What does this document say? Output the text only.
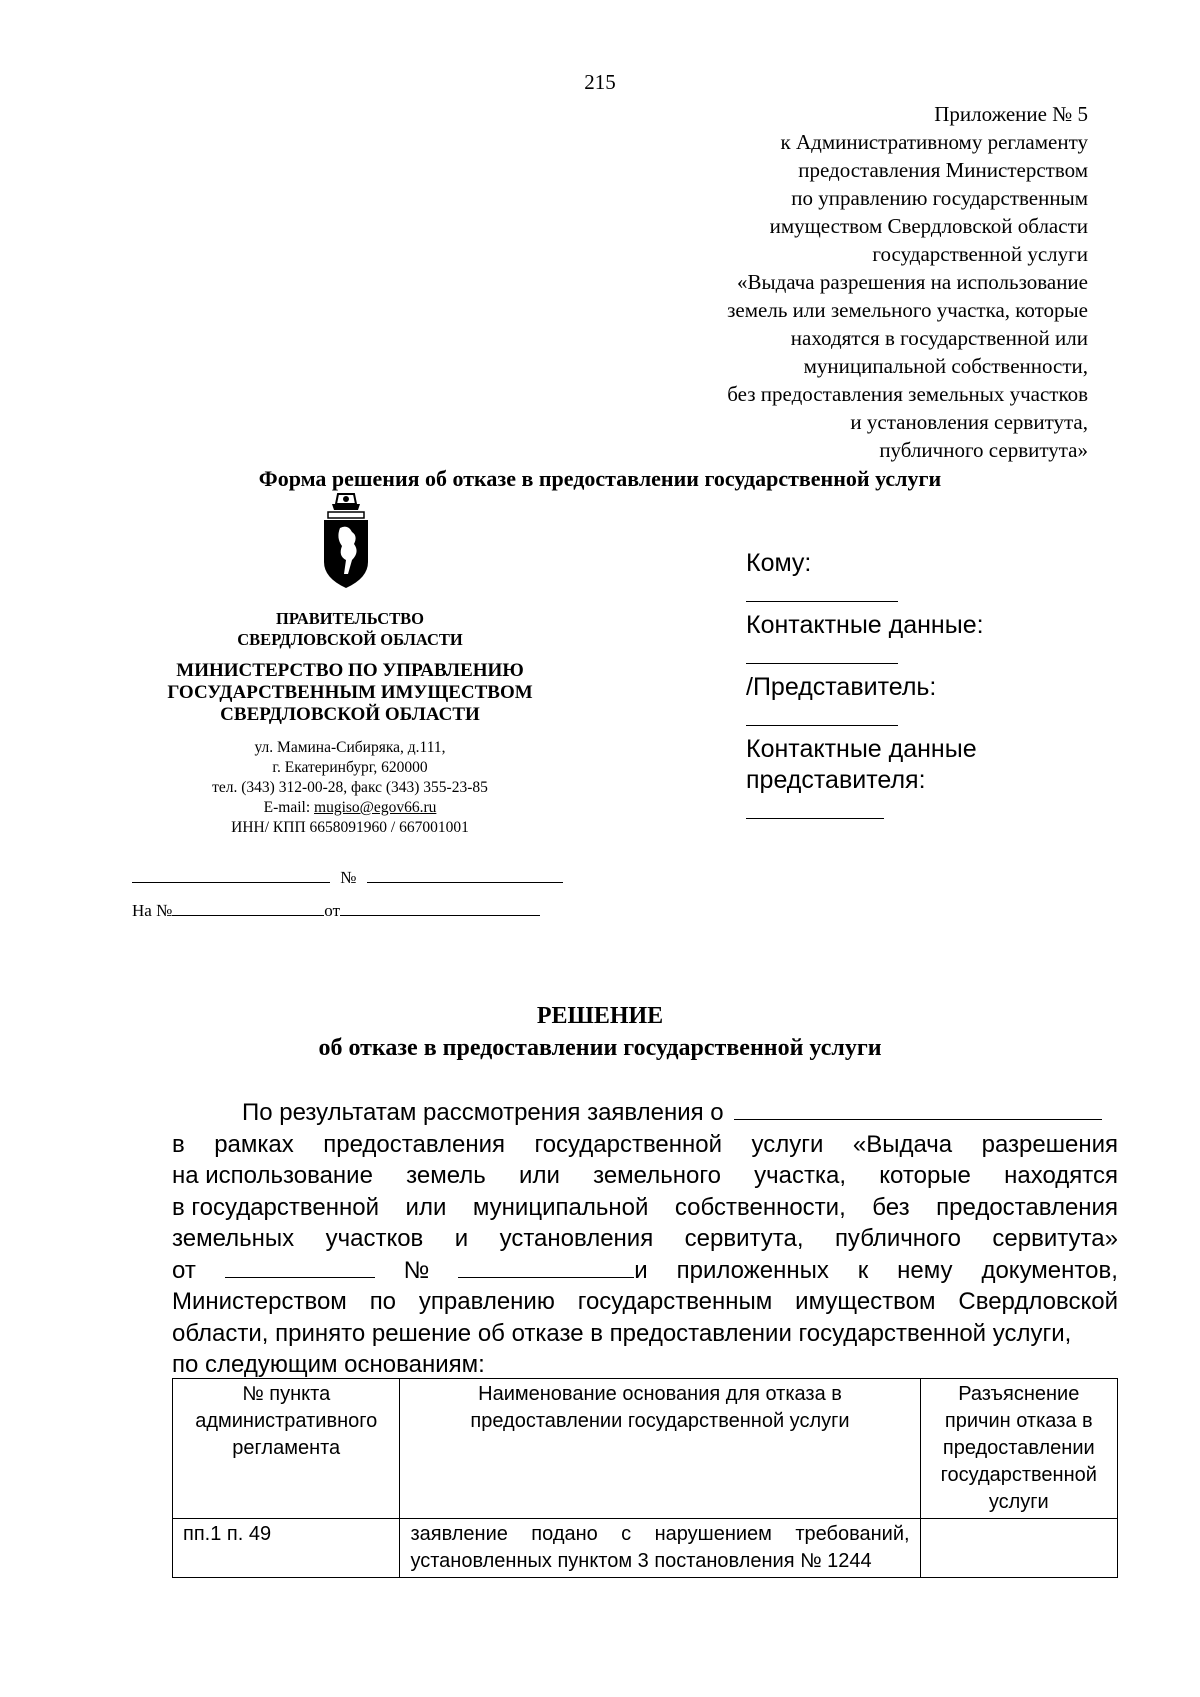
215
Приложение № 5
к Административному регламенту
предоставления Министерством
по управлению государственным
имуществом Свердловской области
государственной услуги
«Выдача разрешения на использование
земель или земельного участка, которые
находятся в государственной или
муниципальной собственности,
без предоставления земельных участков
и установления сервитута,
публичного сервитута»
Форма решения об отказе в предоставлении государственной услуги
ПРАВИТЕЛЬСТВО
СВЕРДЛОВСКОЙ ОБЛАСТИ
МИНИСТЕРСТВО ПО УПРАВЛЕНИЮ
ГОСУДАРСТВЕННЫМ ИМУЩЕСТВОМ
СВЕРДЛОВСКОЙ ОБЛАСТИ
ул. Мамина-Сибиряка, д.111,
г. Екатеринбург, 620000
тел. (343) 312-00-28, факс (343) 355-23-85
E-mail: mugiso@egov66.ru
ИНН/ КПП 6658091960 / 667001001
№
На №	от
Кому:
Контактные данные:
/Представитель:
Контактные данные
представителя:
РЕШЕНИЕ
об отказе в предоставлении государственной услуги
По результатам рассмотрения заявления о
в рамках предоставления государственной услуги «Выдача разрешения
на использование земель или земельного участка, которые находятся
в государственной или муниципальной собственности, без предоставления
земельных участков и установления сервитута, публичного сервитута»
от	№	и приложенных к нему документов,
Министерством по управлению государственным имуществом Свердловской
области, принято решение об отказе в предоставлении государственной услуги,
по следующим основаниям:
№ пункта административного регламента	Наименование основания для отказа в предоставлении государственной услуги	Разъяснение причин отказа в предоставлении государственной услуги
пп.1 п. 49	заявление подано с нарушением требований, установленных пунктом 3 постановления № 1244	
